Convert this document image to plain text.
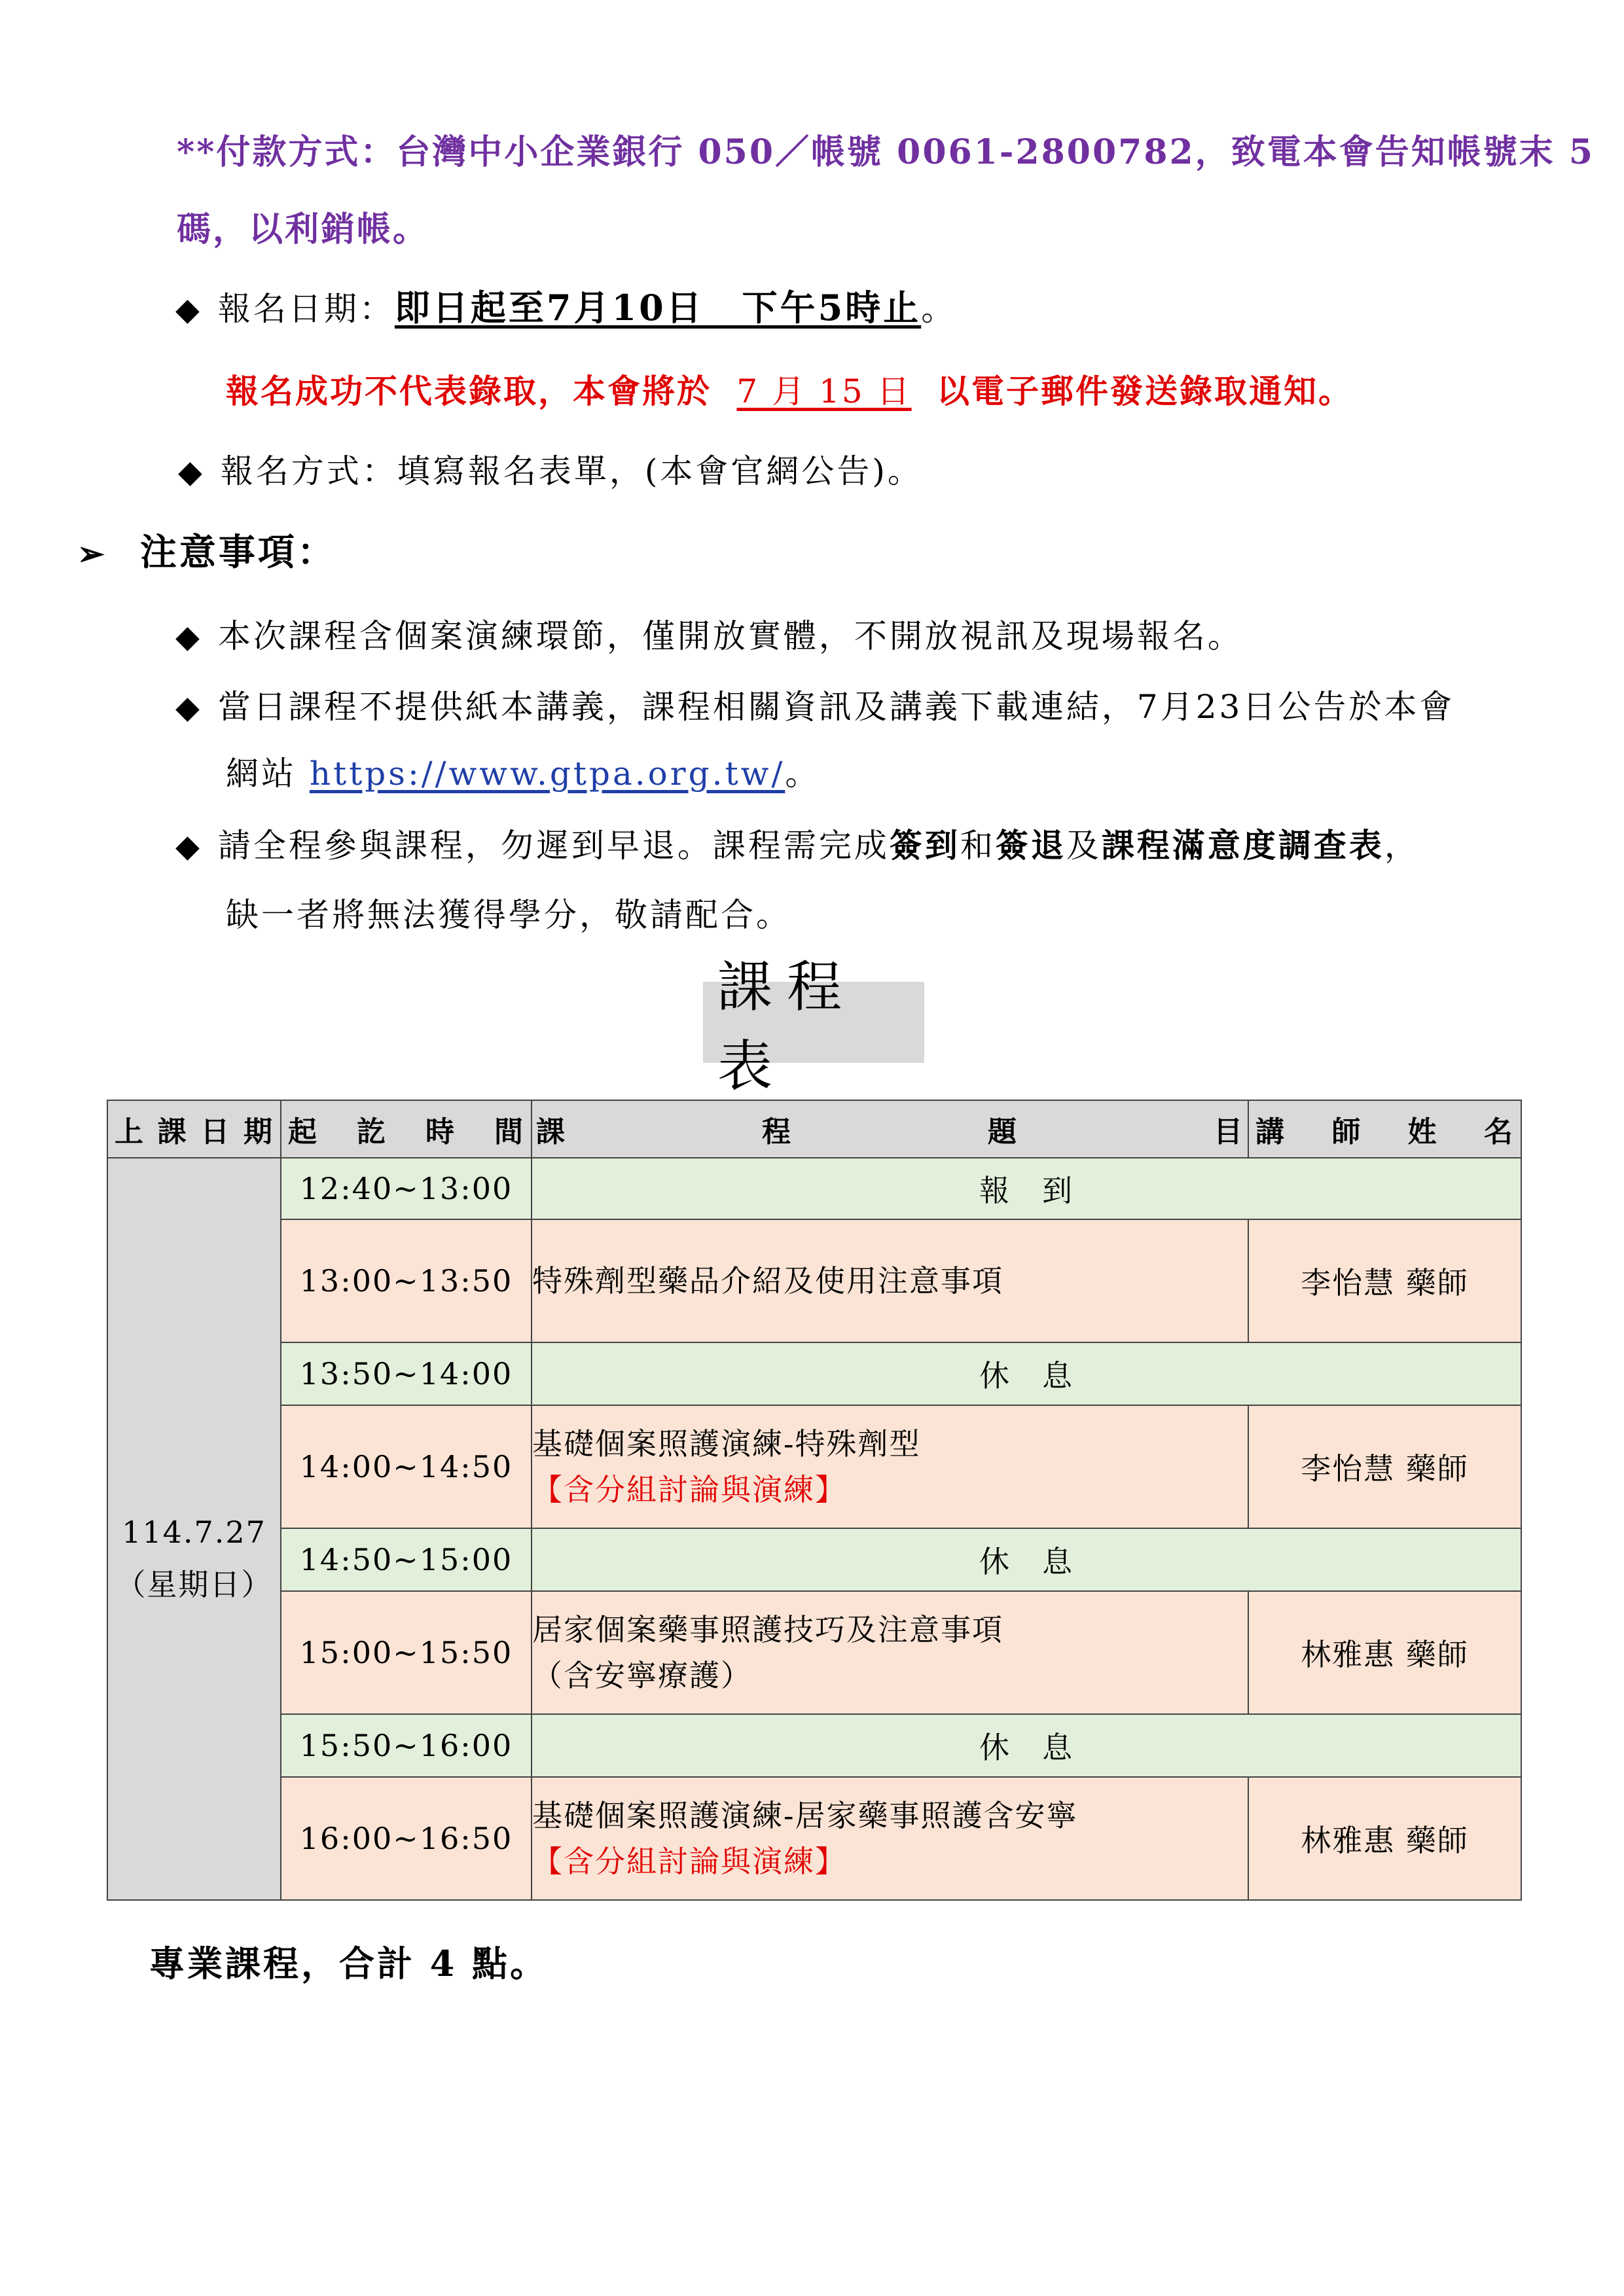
**付款方式：台灣中小企業銀行 050／帳號 0061-2800782，致電本會告知帳號末 5
碼，以利銷帳。
◆ 報名日期：即日起至7月10日　下午5時止。
報名成功不代表錄取，本會將於 7 月 15 日 以電子郵件發送錄取通知。
◆ 報名方式：填寫報名表單，(本會官網公告)。
➢ 注意事項：
◆ 本次課程含個案演練環節，僅開放實體，不開放視訊及現場報名。
◆ 當日課程不提供紙本講義，課程相關資訊及講義下載連結，7月23日公告於本會
網站 https://www.gtpa.org.tw/。
◆ 請全程參與課程，勿遲到早退。課程需完成簽到和簽退及課程滿意度調查表，
缺一者將無法獲得學分，敬請配合。
課程表
上 課 日 期	起 訖 時 間	課 程 題 目	講 師 姓 名

114.7.27
（星期日）	12:40~13:00	報　到	
	13:00~13:50	特殊劑型藥品介紹及使用注意事項	李怡慧 藥師
	13:50~14:00	休　息	
	14:00~14:50	基礎個案照護演練-特殊劑型
【含分組討論與演練】	李怡慧 藥師
	14:50~15:00	休　息	
	15:00~15:50	居家個案藥事照護技巧及注意事項
（含安寧療護）	林雅惠 藥師
	15:50~16:00	休　息	
	16:00~16:50	基礎個案照護演練-居家藥事照護含安寧
【含分組討論與演練】	林雅惠 藥師
專業課程，合計 4 點。
